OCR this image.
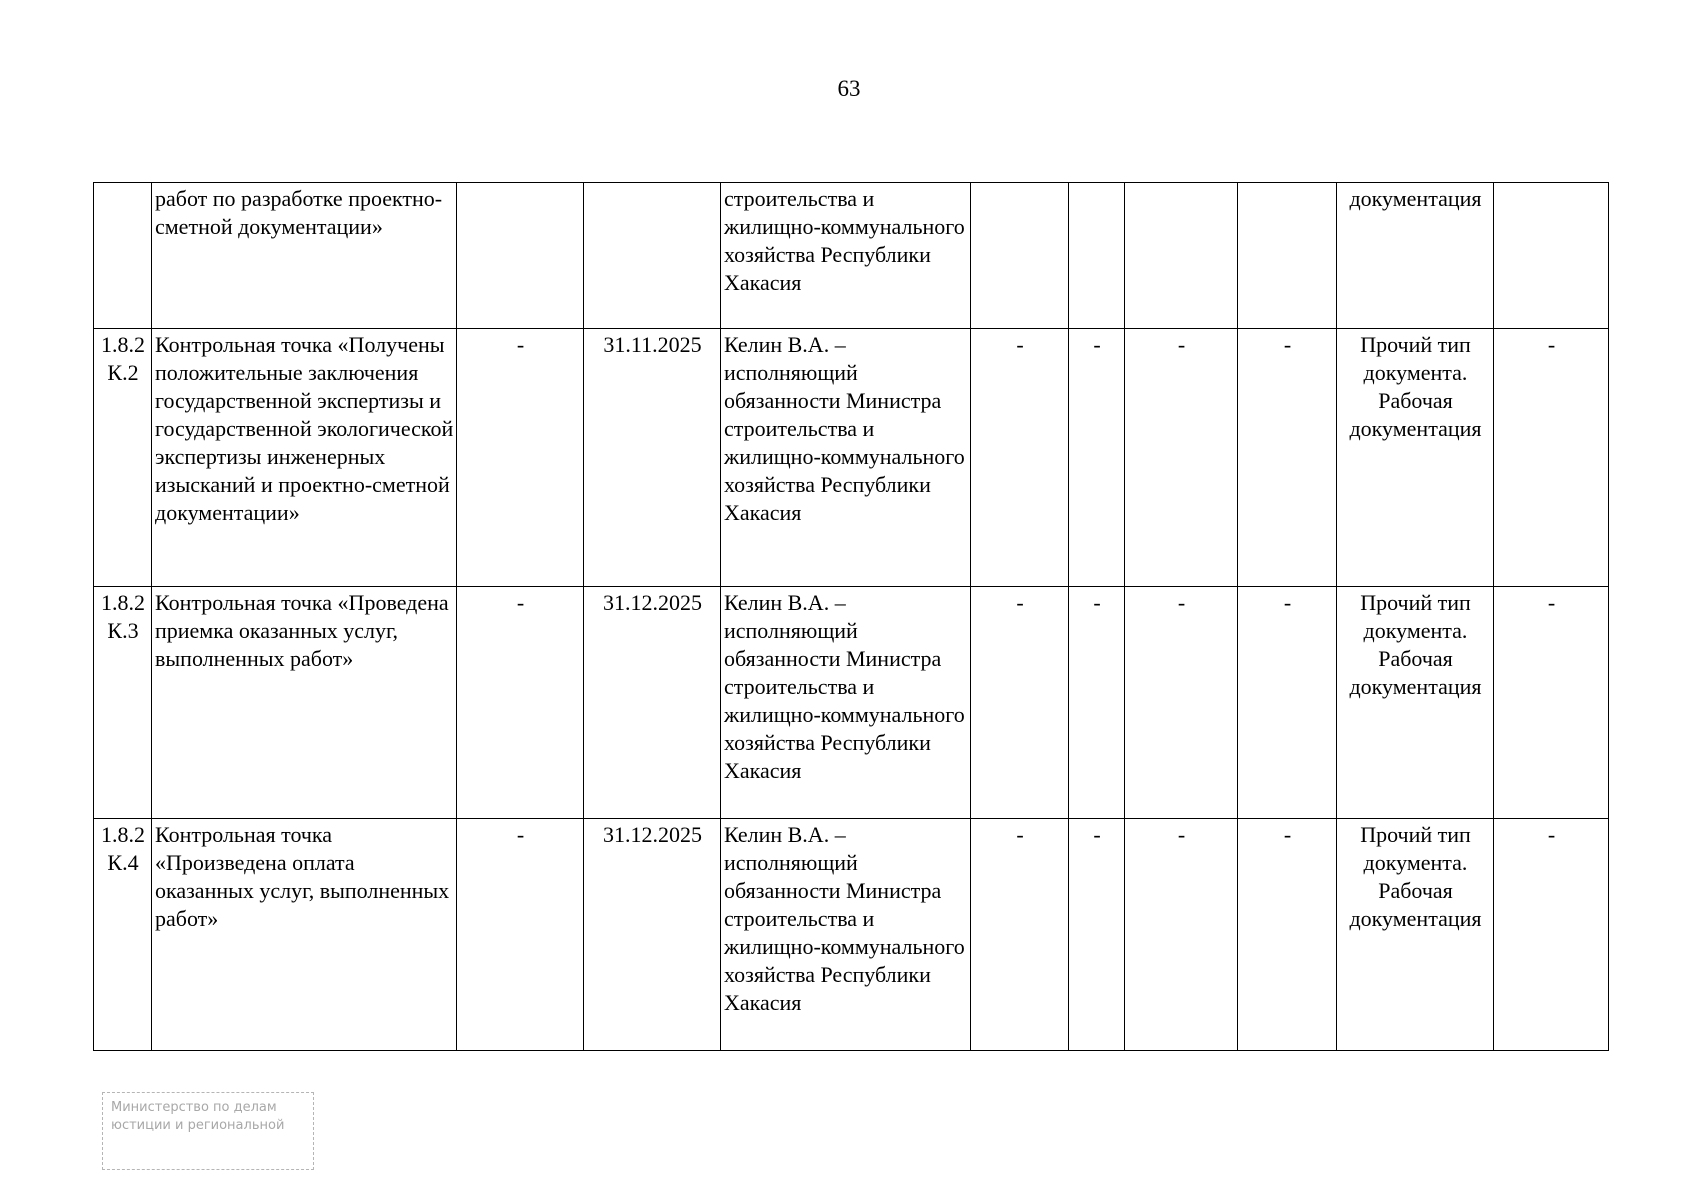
63
	работ по разработке проектно-сметной документации»			строительства и жилищно-коммунального хозяйства Республики Хакасия					документация	
1.8.2 К.2	Контрольная точка «Получены положительные заключения государственной экспертизы и государственной экологической экспертизы инженерных изысканий и проектно-сметной документации»	-	31.11.2025	Келин В.А. – исполняющий обязанности Министра строительства и жилищно-коммунального хозяйства Республики Хакасия	-	-	-	-	Прочий тип документа. Рабочая документация	-
1.8.2 К.3	Контрольная точка «Проведена приемка оказанных услуг, выполненных работ»	-	31.12.2025	Келин В.А. – исполняющий обязанности Министра строительства и жилищно-коммунального хозяйства Республики Хакасия	-	-	-	-	Прочий тип документа. Рабочая документация	-
1.8.2 К.4	Контрольная точка «Произведена оплата оказанных услуг, выполненных работ»	-	31.12.2025	Келин В.А. – исполняющий обязанности Министра строительства и жилищно-коммунального хозяйства Республики Хакасия	-	-	-	-	Прочий тип документа. Рабочая документация	-
Министерство по делам
юстиции и региональной
